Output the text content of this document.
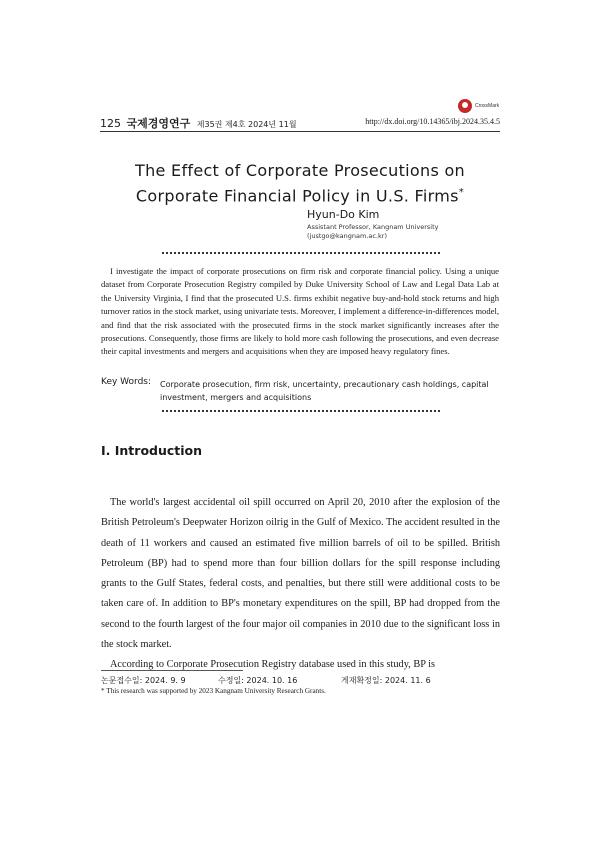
125 국제경영연구 제35권 제4호 2024년 11월
CrossMark
http://dx.doi.org/10.14365/ibj.2024.35.4.5
The Effect of Corporate Prosecutions on
Corporate Financial Policy in U.S. Firms*
Hyun-Do Kim
Assistant Professor, Kangnam University
(justgo@kangnam.ac.kr)
I investigate the impact of corporate prosecutions on firm risk and corporate financial policy. Using a unique dataset from Corporate Prosecution Registry compiled by Duke University School of Law and Legal Data Lab at the University Virginia, I find that the prosecuted U.S. firms exhibit negative buy-and-hold stock returns and high turnover ratios in the stock market, using univariate tests. Moreover, I implement a difference-in-differences model, and find that the risk associated with the prosecuted firms in the stock market significantly increases after the prosecutions. Consequently, those firms are likely to hold more cash following the prosecutions, and even decrease their capital investments and mergers and acquisitions when they are imposed heavy regulatory fines.
Key Words: Corporate prosecution, firm risk, uncertainty, precautionary cash holdings, capital investment, mergers and acquisitions
Ⅰ. Introduction

The world's largest accidental oil spill occurred on April 20, 2010 after the explosion of the British Petroleum's Deepwater Horizon oilrig in the Gulf of Mexico. The accident resulted in the death of 11 workers and caused an estimated five million barrels of oil to be spilled. British Petroleum (BP) had to spend more than four billion dollars for the spill response including grants to the Gulf States, federal costs, and penalties, but there still were additional costs to be taken care of. In addition to BP's monetary expenditures on the spill, BP had dropped from the second to the fourth largest of the four major oil companies in 2010 due to the significant loss in the stock market.

According to Corporate Prosecution Registry database used in this study, BP is

논문접수일: 2024. 9. 9	수정일: 2024. 10. 16	게재확정일: 2024. 11. 6
* This research was supported by 2023 Kangnam University Research Grants.
